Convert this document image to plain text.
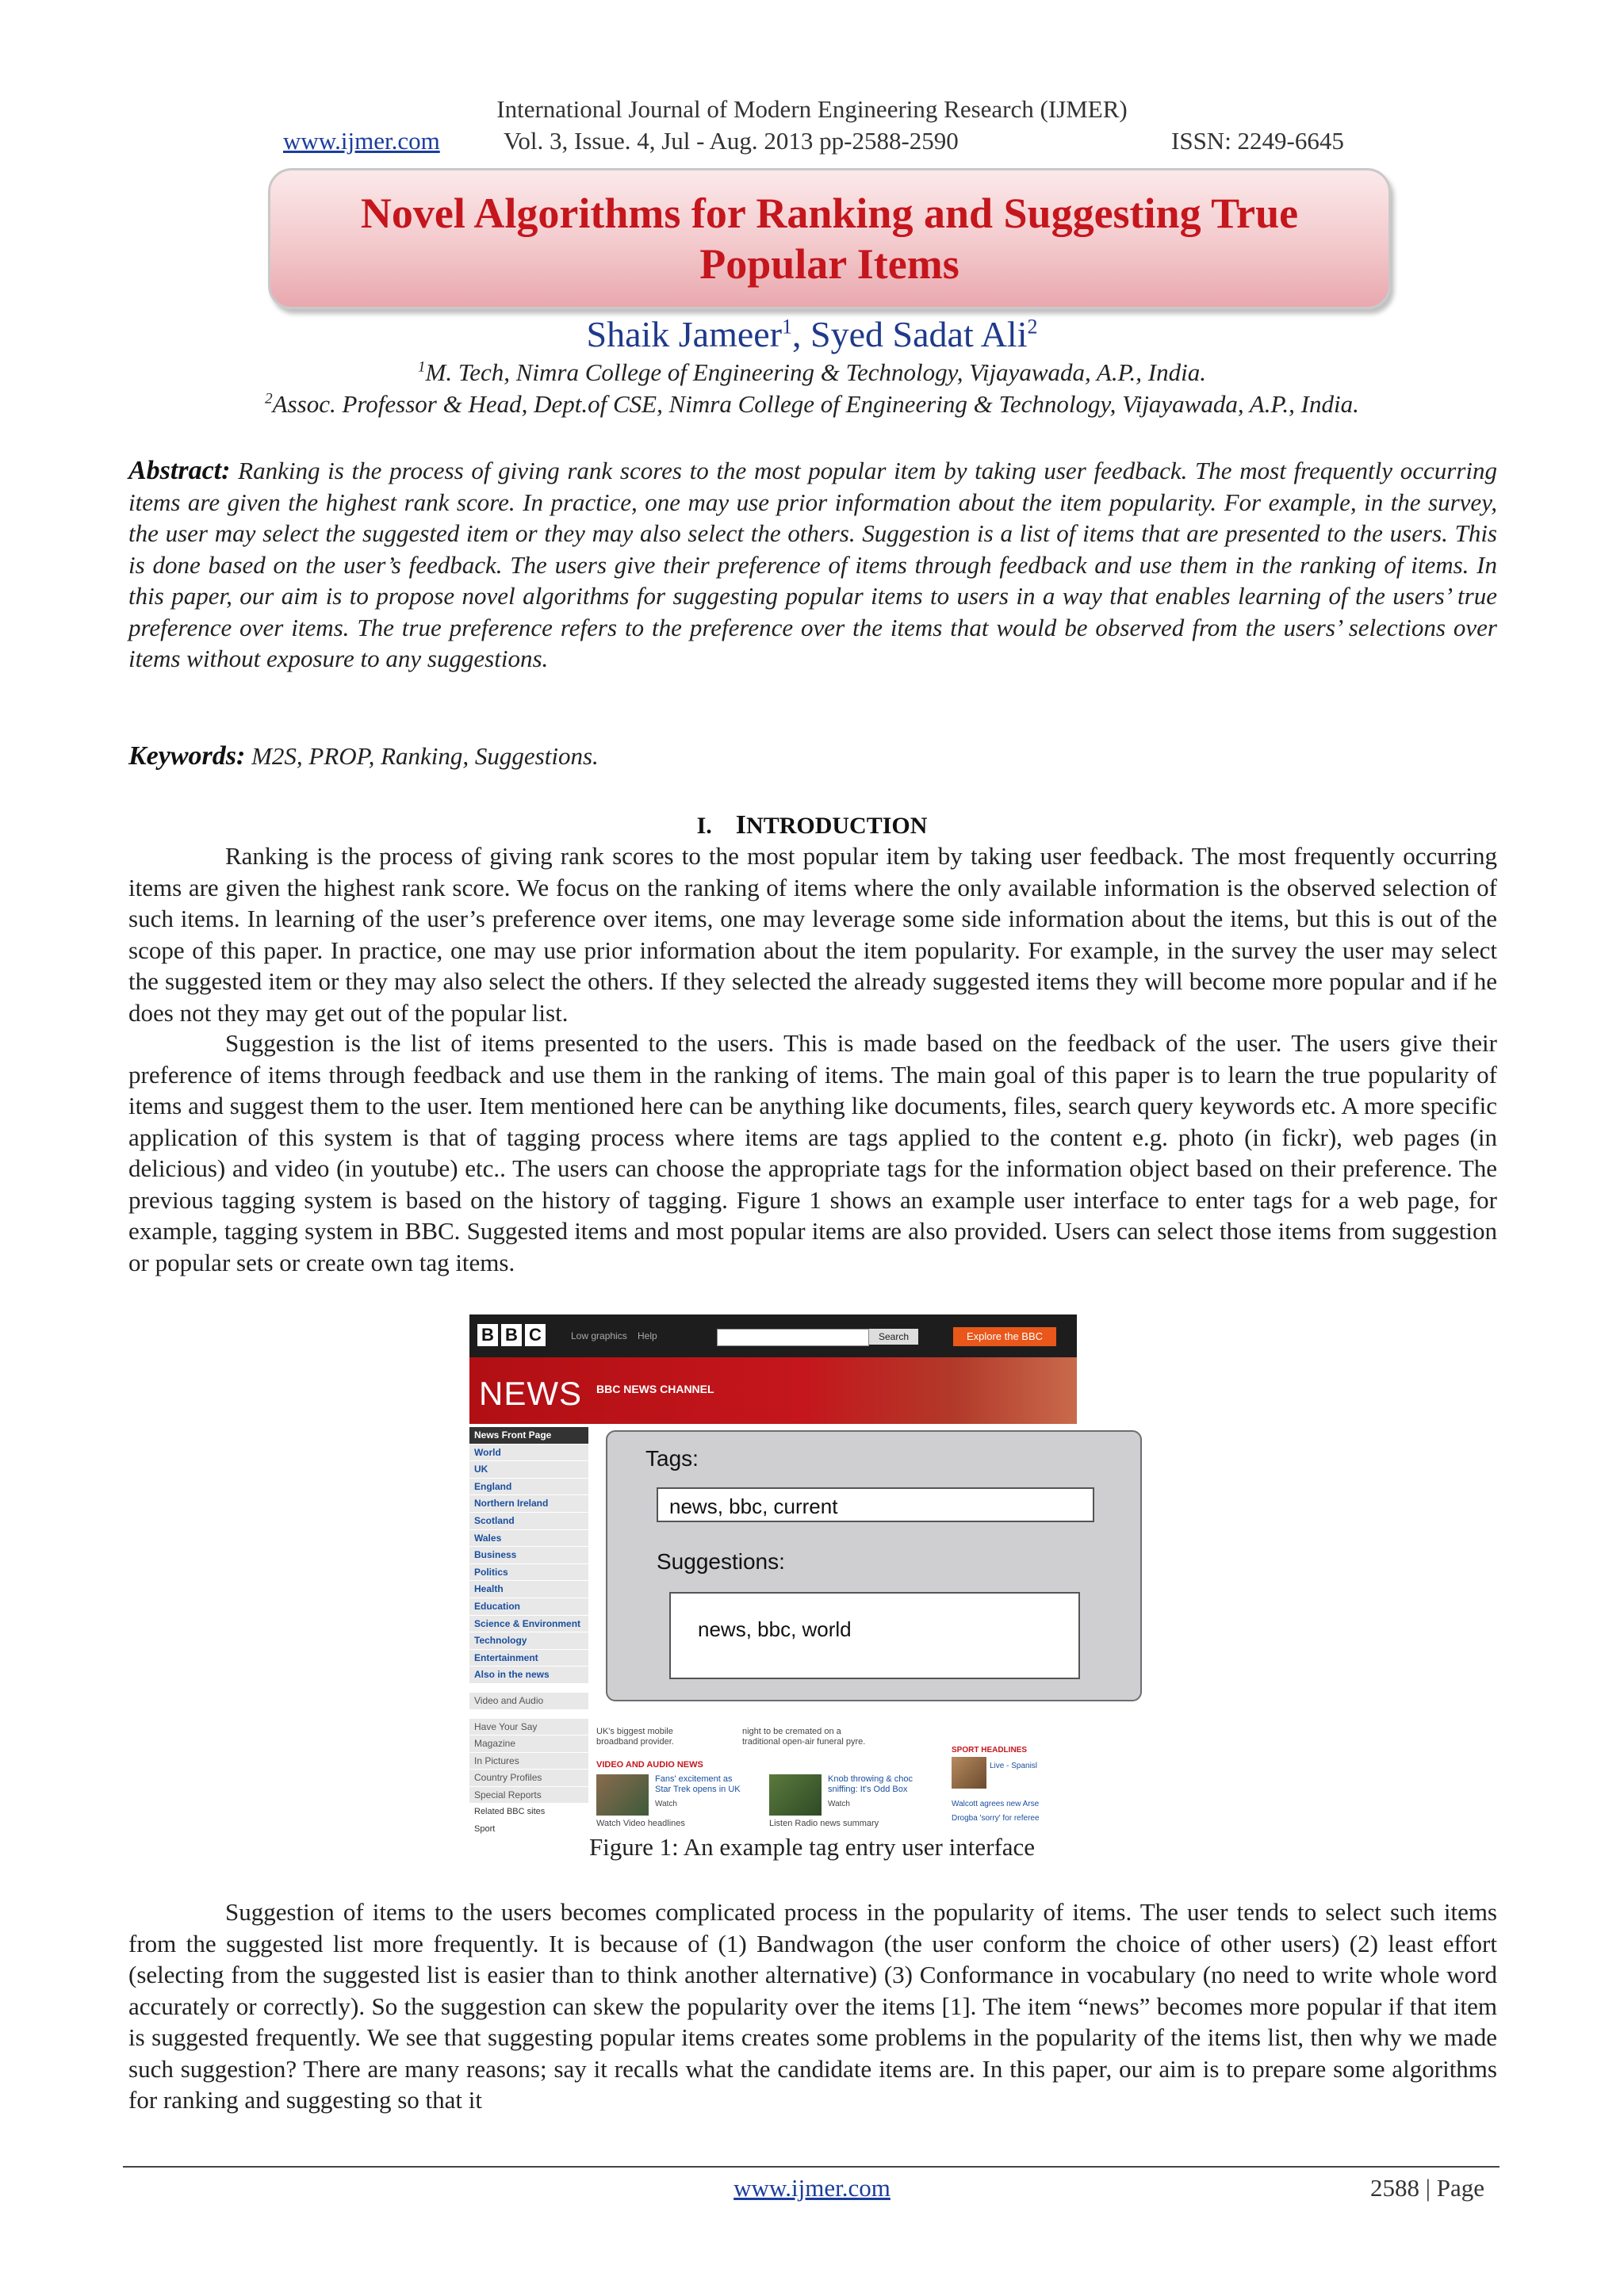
International Journal of Modern Engineering Research (IJMER)
www.ijmer.com	Vol. 3, Issue. 4, Jul - Aug. 2013 pp-2588-2590	ISSN: 2249-6645
Novel Algorithms for Ranking and Suggesting True
Popular Items
Shaik Jameer$^1$, Syed Sadat Ali$^2$
$^1$M. Tech, Nimra College of Engineering & Technology, Vijayawada, A.P., India.
$^2$Assoc. Professor & Head, Dept.of CSE, Nimra College of Engineering & Technology, Vijayawada, A.P., India.
Abstract: Ranking is the process of giving rank scores to the most popular item by taking user feedback. The most frequently occurring items are given the highest rank score. In practice, one may use prior information about the item popularity. For example, in the survey, the user may select the suggested item or they may also select the others. Suggestion is a list of items that are presented to the users. This is done based on the user’s feedback. The users give their preference of items through feedback and use them in the ranking of items. In this paper, our aim is to propose novel algorithms for suggesting popular items to users in a way that enables learning of the users’ true preference over items. The true preference refers to the preference over the items that would be observed from the users’ selections over items without exposure to any suggestions.
Keywords: M2S, PROP, Ranking, Suggestions.
I. INTRODUCTION
Ranking is the process of giving rank scores to the most popular item by taking user feedback. The most frequently occurring items are given the highest rank score. We focus on the ranking of items where the only available information is the observed selection of such items. In learning of the user’s preference over items, one may leverage some side information about the items, but this is out of the scope of this paper. In practice, one may use prior information about the item popularity. For example, in the survey the user may select the suggested item or they may also select the others. If they selected the already suggested items they will become more popular and if he does not they may get out of the popular list.
Suggestion is the list of items presented to the users. This is made based on the feedback of the user. The users give their preference of items through feedback and use them in the ranking of items. The main goal of this paper is to learn the true popularity of items and suggest them to the user. Item mentioned here can be anything like documents, files, search query keywords etc. A more specific application of this system is that of tagging process where items are tags applied to the content e.g. photo (in fickr), web pages (in delicious) and video (in youtube) etc.. The users can choose the appropriate tags for the information object based on their preference. The previous tagging system is based on the history of tagging. Figure 1 shows an example user interface to enter tags for a web page, for example, tagging system in BBC. Suggested items and most popular items are also provided. Users can select those items from suggestion or popular sets or create own tag items.
B B C	Low graphics Help	Search	Explore the BBC
NEWS BBC NEWS CHANNEL
News Front Page
World
UK
England
Northern Ireland
Scotland
Wales
Business
Politics
Health
Education
Science & Environment
Technology
Entertainment
Also in the news
Video and Audio
Have Your Say
Magazine
In Pictures
Country Profiles
Special Reports
Related BBC sites
Sport
UK's biggest mobile broadband provider.
night to be cremated on a traditional open-air funeral pyre.
VIDEO AND AUDIO NEWS
Fans' excitement as Star Trek opens in UK
Watch
Knob throwing & choc sniffing: It's Odd Box
Watch
Watch Video headlines	Listen Radio news summary
SPORT HEADLINES
Live - Spanisl
Walcott agrees new Arse
Drogba 'sorry' for referee
Tags:
news, bbc, current
Suggestions:
news, bbc, world
Figure 1: An example tag entry user interface
Suggestion of items to the users becomes complicated process in the popularity of items. The user tends to select such items from the suggested list more frequently. It is because of (1) Bandwagon (the user conform the choice of other users) (2) least effort (selecting from the suggested list is easier than to think another alternative) (3) Conformance in vocabulary (no need to write whole word accurately or correctly). So the suggestion can skew the popularity over the items [1]. The item “news” becomes more popular if that item is suggested frequently. We see that suggesting popular items creates some problems in the popularity of the items list, then why we made such suggestion? There are many reasons; say it recalls what the candidate items are. In this paper, our aim is to prepare some algorithms for ranking and suggesting so that it
www.ijmer.com	2588 | Page
